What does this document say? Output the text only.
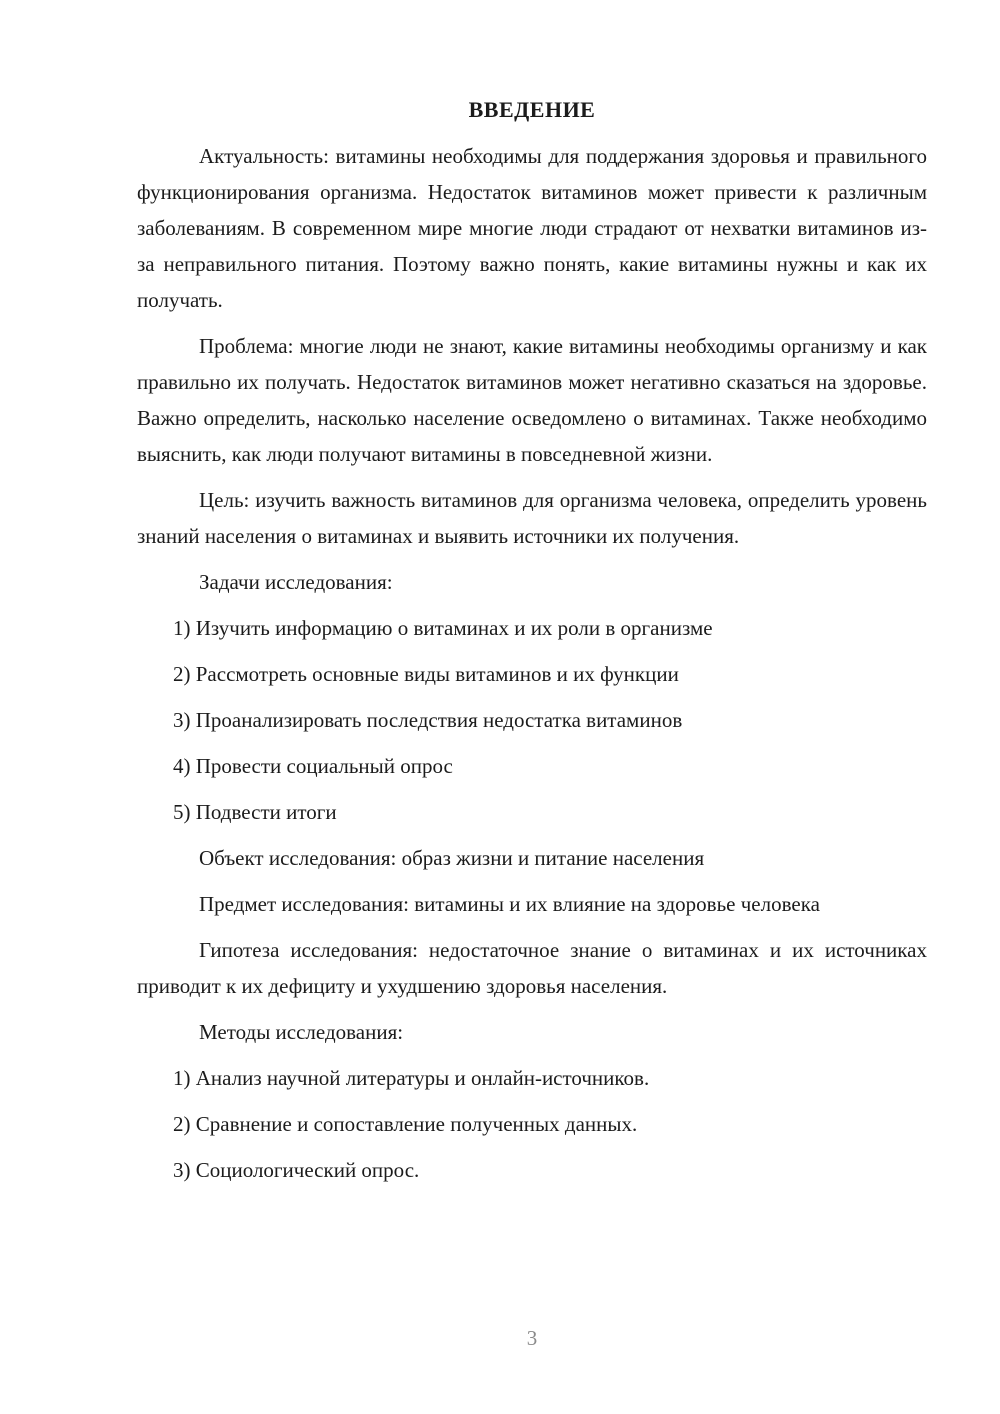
ВВЕДЕНИЕ

Актуальность: витамины необходимы для поддержания здоровья и правильного функционирования организма. Недостаток витаминов может привести к различным заболеваниям. В современном мире многие люди страдают от нехватки витаминов из-за неправильного питания. Поэтому важно понять, какие витамины нужны и как их получать.

Проблема: многие люди не знают, какие витамины необходимы организму и как правильно их получать. Недостаток витаминов может негативно сказаться на здоровье. Важно определить, насколько население осведомлено о витаминах. Также необходимо выяснить, как люди получают витамины в повседневной жизни.

Цель: изучить важность витаминов для организма человека, определить уровень знаний населения о витаминах и выявить источники их получения.

Задачи исследования:

1) Изучить информацию о витаминах и их роли в организме

2) Рассмотреть основные виды витаминов и их функции

3) Проанализировать последствия недостатка витаминов

4) Провести социальный опрос

5) Подвести итоги

Объект исследования: образ жизни и питание населения

Предмет исследования: витамины и их влияние на здоровье человека

Гипотеза исследования: недостаточное знание о витаминах и их источниках приводит к их дефициту и ухудшению здоровья населения.

Методы исследования:

1) Анализ научной литературы и онлайн-источников.

2) Сравнение и сопоставление полученных данных.

3) Социологический опрос.

3
